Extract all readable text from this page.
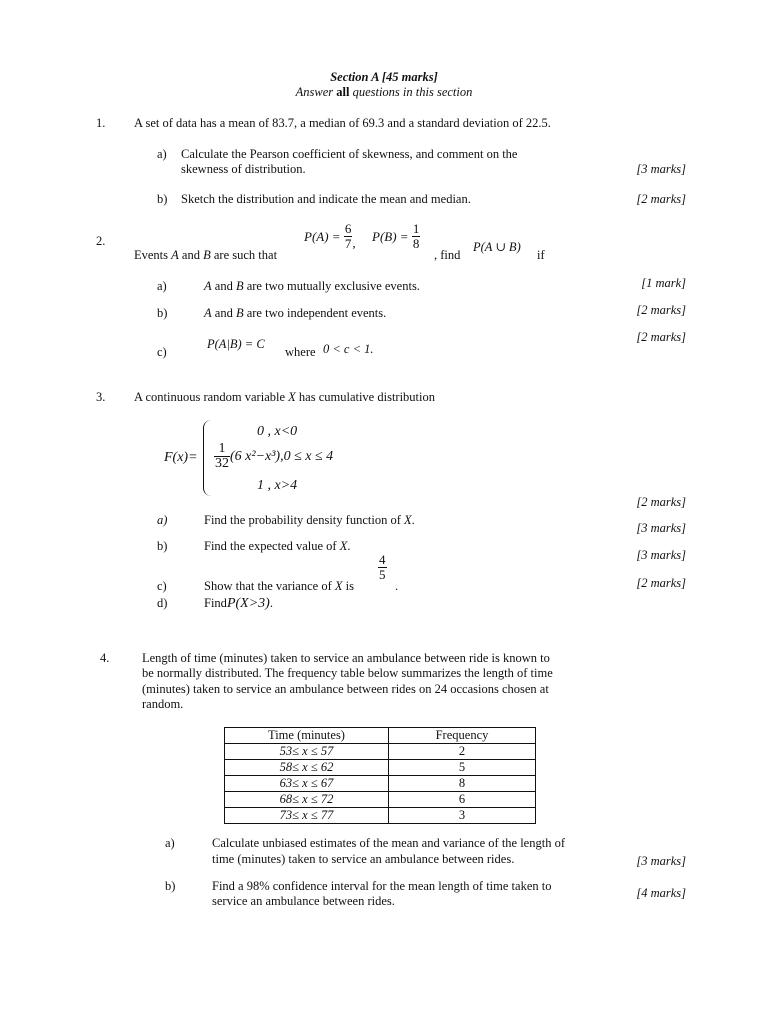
Section A [45 marks]
Answer all questions in this section
1. A set of data has a mean of 83.7, a median of 69.3 and a standard deviation of 22.5.
a) Calculate the Pearson coefficient of skewness, and comment on the
skewness of distribution.	[3 marks]
b) Sketch the distribution and indicate the mean and median.	[2 marks]
2.
Events A and B are such that
$P(A) = \frac{6}{7}$ , $P(B) = \frac{1}{8}$
, find
P(A ∪ B)
if
a)	A and B are two mutually exclusive events.	[1 mark]
b)	A and B are two independent events.	[2 marks]
c)
P(A|B) = C
where 0 < c < 1.
[2 marks]
3. A continuous random variable X has cumulative distribution
F(x)=
0 , x<0
$\frac{1}{32} (6$ x²−x³),0 ≤ x ≤ 4
1 , x>4
[2 marks]
a)	Find the probability density function of X.
[3 marks]
b)	Find the expected value of X.
[3 marks]
c)	Show that the variance of X is
$\frac{4}{5}$
.	[2 marks]
d)	FindP(X>3).
4.	Length of time (minutes) taken to service an ambulance between ride is known to
be normally distributed. The frequency table below summarizes the length of time
(minutes) taken to service an ambulance between rides on 24 occasions chosen at
random.
Time (minutes)	Frequency
53≤ x ≤ 57	2
58≤ x ≤ 62	5
63≤ x ≤ 67	8
68≤ x ≤ 72	6
73≤ x ≤ 77	3
a)	Calculate unbiased estimates of the mean and variance of the length of
time (minutes) taken to service an ambulance between rides.	[3 marks]
b)	Find a 98% confidence interval for the mean length of time taken to
service an ambulance between rides.
[4 marks]
